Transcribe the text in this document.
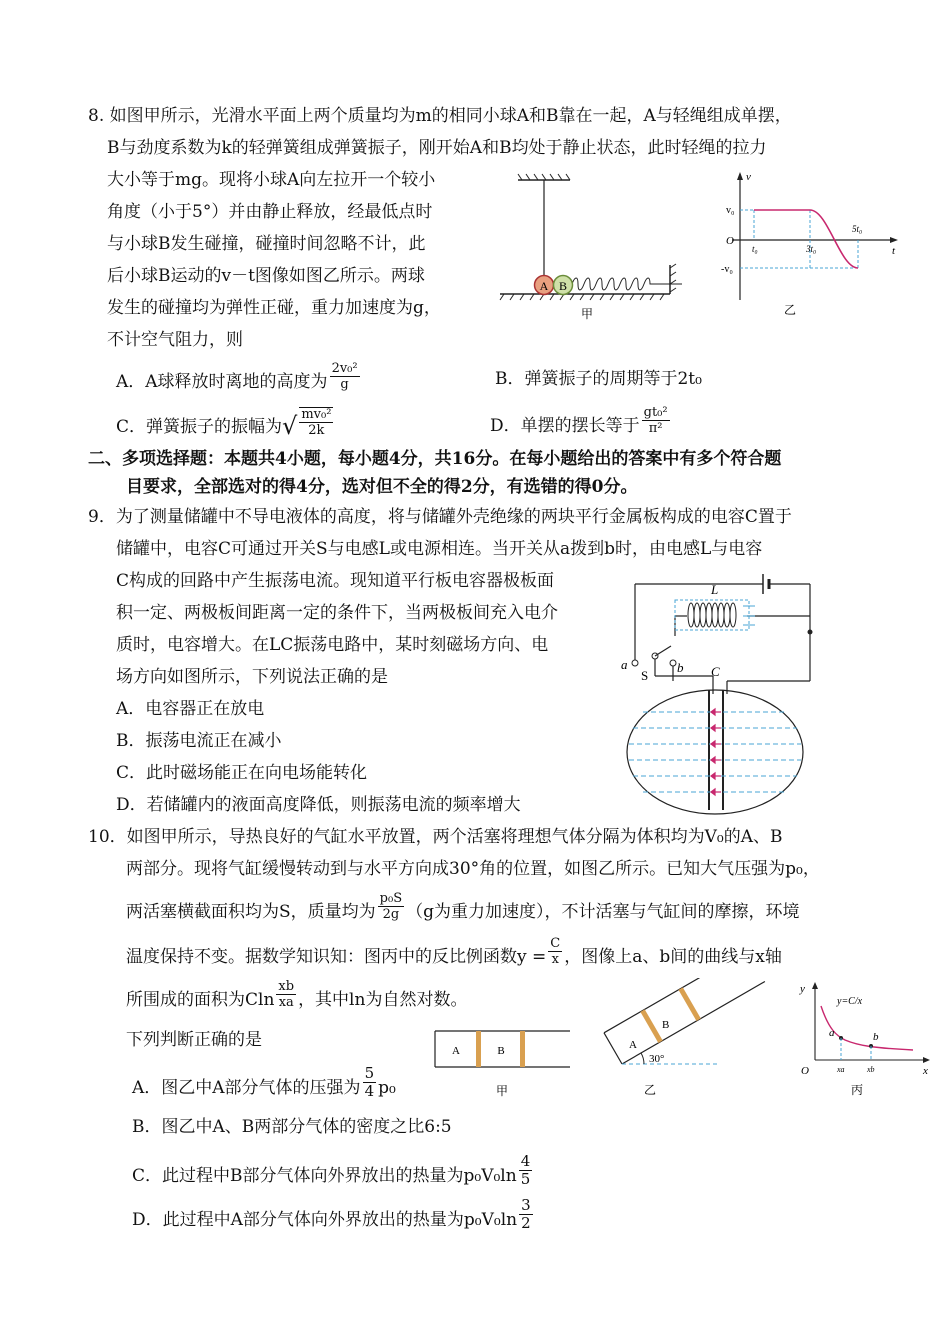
8. 如图甲所示，光滑水平面上两个质量均为m的相同小球A和B靠在一起，A与轻绳组成单摆，
B与劲度系数为k的轻弹簧组成弹簧振子，刚开始A和B均处于静止状态，此时轻绳的拉力
大小等于mg。现将小球A向左拉开一个较小
角度（小于5°）并由静止释放，经最低点时
与小球B发生碰撞，碰撞时间忽略不计，此
后小球B运动的v－t图像如图乙所示。两球
发生的碰撞均为弹性正碰，重力加速度为g，
不计空气阻力，则
A B
甲
v
t
v₀
-v₀
O
t₀	3t₀
5t₀
乙
A．A球释放时离地的高度为 $\frac{\text{2v₀²}}{g}$	B．弹簧振子的周期等于2t₀
C．弹簧振子的振幅为√ $\frac{\text{mv₀²}}{2k}$	D．单摆的摆长等于 $\frac{\text{gt₀²}}{\text{π²}}$
二、多项选择题：本题共4小题，每小题4分，共16分。在每小题给出的答案中有多个符合题
目要求，全部选对的得4分，选对但不全的得2分，有选错的得0分。
9．为了测量储罐中不导电液体的高度，将与储罐外壳绝缘的两块平行金属板构成的电容C置于
储罐中，电容C可通过开关S与电感L或电源相连。当开关从a拨到b时，由电感L与电容
C构成的回路中产生振荡电流。现知道平行板电容器极板面
积一定、两极板间距离一定的条件下，当两极板间充入电介
质时，电容增大。在LC振荡电路中，某时刻磁场方向、电
场方向如图所示，下列说法正确的是
A．电容器正在放电
B．振荡电流正在减小
C．此时磁场能正在向电场能转化
D．若储罐内的液面高度降低，则振荡电流的频率增大
L
a	b
S	C
10．如图甲所示，导热良好的气缸水平放置，两个活塞将理想气体分隔为体积均为V₀的A、B
两部分。现将气缸缓慢转动到与水平方向成30°角的位置，如图乙所示。已知大气压强为p₀，
两活塞横截面积均为S，质量均为 $\frac{\text{p₀S}}{2g} (g$为重力加速度），不计活塞与气缸间的摩擦，环境
温度保持不变。据数学知识知：图丙中的反比例函数$y = \frac{C}{x}$ ，图像上a、b间的曲线与x轴
所围成的面积为Cln $\frac{xb}{xa}$ ，其中ln为自然对数。
下列判断正确的是
A．图乙中A部分气体的压强为 $\frac{5}{4} p_0$
B．图乙中A、B两部分气体的密度之比6:5
C．此过程中B部分气体向外界放出的热量为$p_0V_0\ln \frac{4}{5}$
D．此过程中A部分气体向外界放出的热量为$p_0V_0\ln \frac{3}{2}$
A	B
甲
30°
A
B
乙
y
x
O
a	b
y=C/x
xa	xb
丙
